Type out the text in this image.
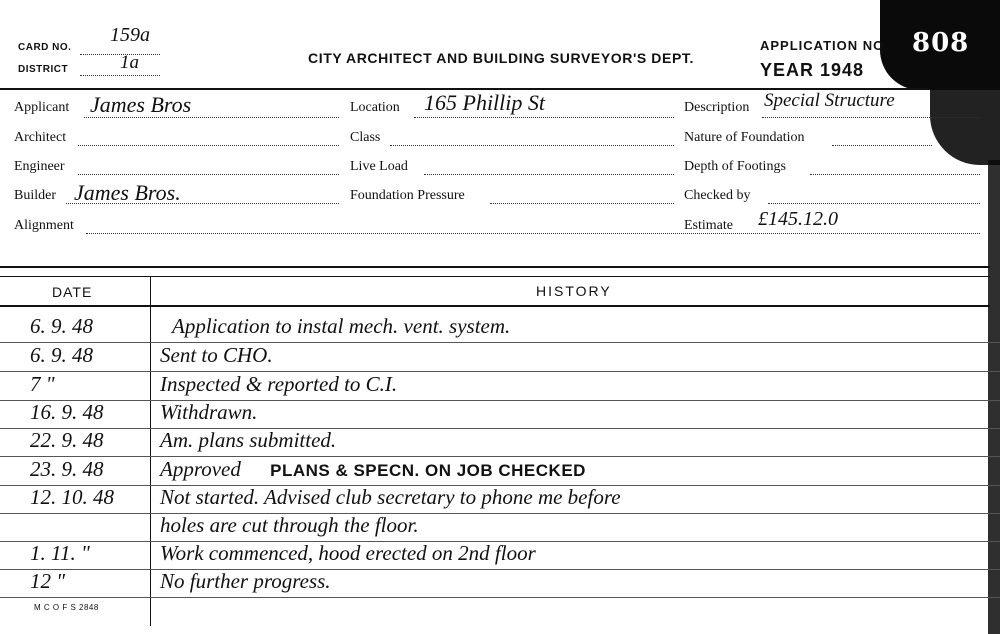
CARD NO.
159a
DISTRICT	1a	CITY ARCHITECT AND BUILDING SURVEYOR'S DEPT.
APPLICATION NO. 808
YEAR 1948
Applicant James Bros
Architect
Engineer
Builder James Bros.
Alignment
Location 165 Phillip St
Class
Live Load
Foundation Pressure
Description Special Structure
Nature of Foundation
Depth of Footings
Checked by
Estimate £145.12.0
DATE	HISTORY
6. 9. 48	Application to instal mech. vent. system.
6. 9. 48	Sent to CHO.
7 "	Inspected & reported to C.I.
16. 9. 48	Withdrawn.
22. 9. 48	Am. plans submitted.
23. 9. 48	Approved PLANS & SPECN. ON JOB CHECKED
12. 10. 48	Not started. Advised club secretary to phone me before
holes are cut through the floor.
1. 11. "	Work commenced, hood erected on 2nd floor
12 "	No further progress.
M C O F S 2848
